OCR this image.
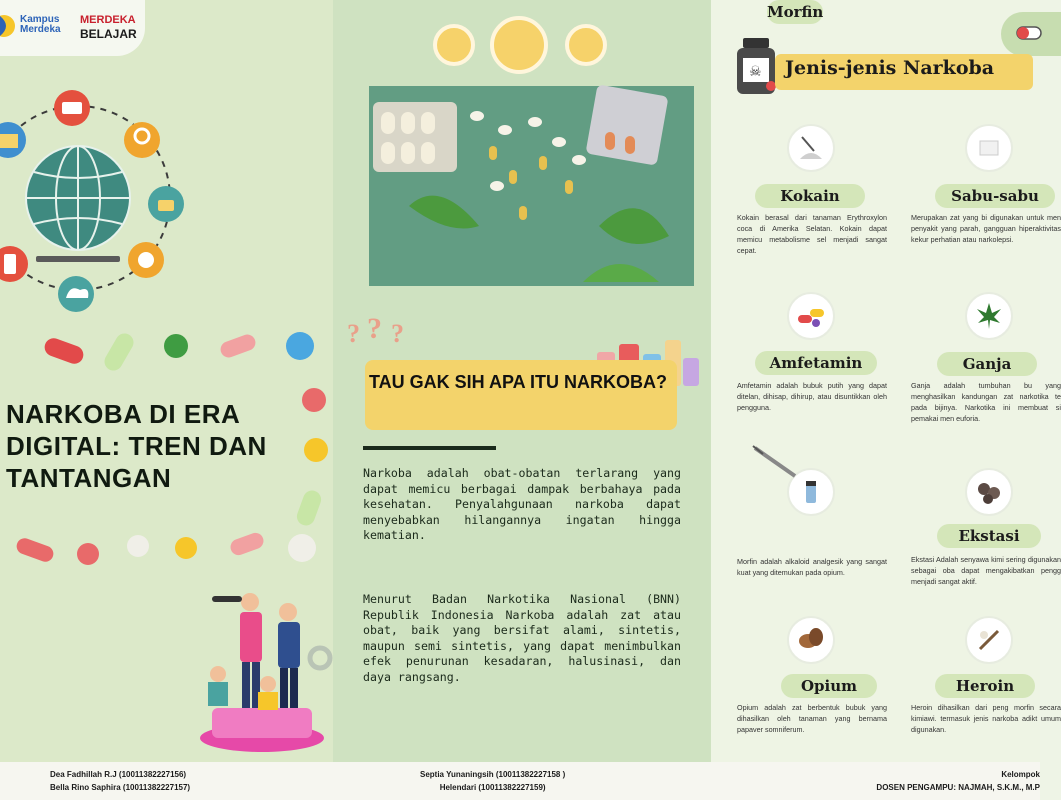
Kampus Merdeka
MERDEKA
BELAJAR
NARKOBA DI ERA DIGITAL: TREN DAN TANTANGAN
? ? ?
TAU GAK SIH APA ITU NARKOBA?

Narkoba adalah obat-obatan terlarang yang dapat memicu berbagai dampak berbahaya pada kesehatan. Penyalahgunaan narkoba dapat menyebabkan hilangannya ingatan hingga kematian.

Menurut Badan Narkotika Nasional (BNN) Republik Indonesia Narkoba adalah zat atau obat, baik yang bersifat alami, sintetis, maupun semi sintetis, yang dapat menimbulkan efek penurunan kesadaran, halusinasi, dan daya rangsang.

☠ Jenis-jenis Narkoba
Kokain
Kokain berasal dari tanaman Erythroxylon coca di Amerika Selatan. Kokain dapat memicu metabolisme sel menjadi sangat cepat.
Sabu-sabu
Merupakan zat yang bi digunakan untuk men penyakit yang parah, gangguan hiperaktivitas kekur perhatian atau narkolepsi.
Amfetamin
Amfetamin adalah bubuk putih yang dapat ditelan, dihisap, dihirup, atau disuntikkan oleh pengguna.
Ganja
Ganja adalah tumbuhan bu yang menghasilkan kandungan zat narkotika te pada bijinya. Narkotika ini membuat si pemakai men euforia.
Morfin
Morfin adalah alkaloid analgesik yang sangat kuat yang ditemukan pada opium.
Ekstasi
Ekstasi Adalah senyawa kimi sering digunakan sebagai oba dapat mengakibatkan pengg menjadi sangat aktif.
Opium
Opium adalah zat berbentuk bubuk yang dihasilkan oleh tanaman yang bernama papaver somniferum.
Heroin
Heroin dihasilkan dari peng morfin secara kimiawi. termasuk jenis narkoba adikt umum digunakan.
Dea Fadhillah R.J (10011382227156)
Bella Rino Saphira (10011382227157)
Septia Yunaningsih (10011382227158 )
Helendari (10011382227159)
Kelompok
DOSEN PENGAMPU: NAJMAH, S.K.M., M.P
